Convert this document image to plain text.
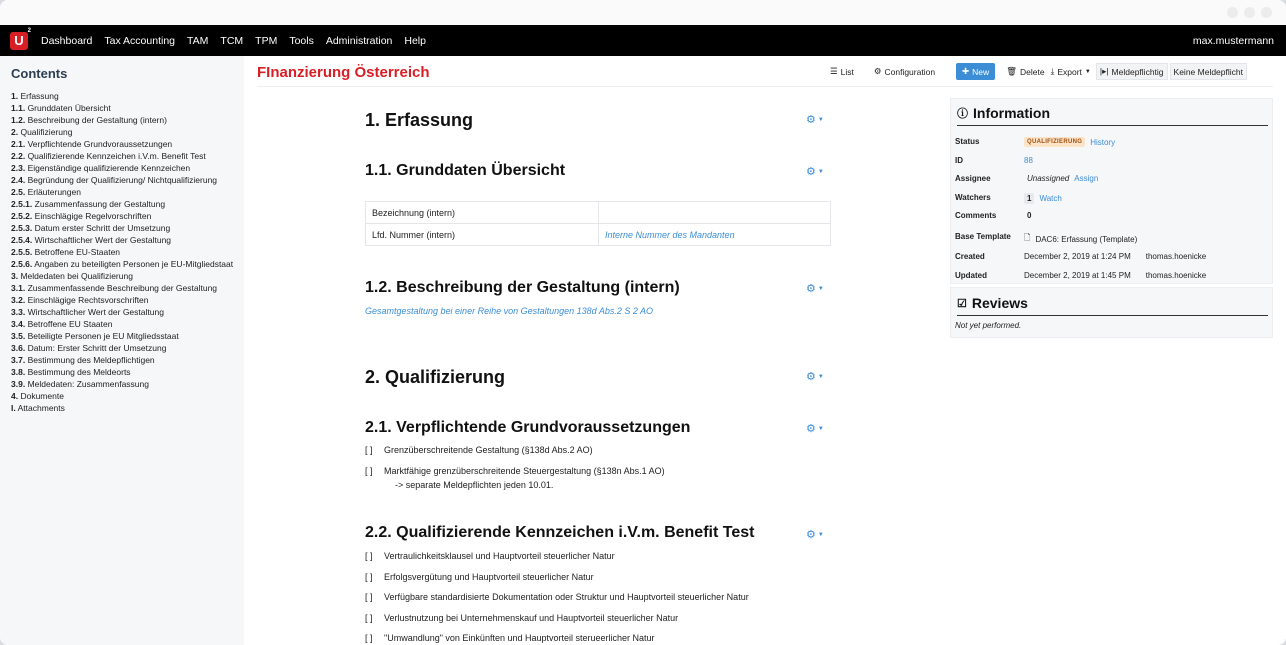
U
$^2$
Dashboard	Tax Accounting	TAM	TCM	TPM	Tools	Administration	Help	max.mustermann
Contents
1. Erfassung
1.1. Grunddaten Übersicht
1.2. Beschreibung der Gestaltung (intern)
2. Qualifizierung
2.1. Verpflichtende Grundvoraussetzungen
2.2. Qualifizierende Kennzeichen i.V.m. Benefit Test
2.3. Eigenständige qualifizierende Kennzeichen
2.4. Begründung der Qualifizierung/ Nichtqualifizierung
2.5. Erläuterungen
2.5.1. Zusammenfassung der Gestaltung
2.5.2. Einschlägige Regelvorschriften
2.5.3. Datum erster Schritt der Umsetzung
2.5.4. Wirtschaftlicher Wert der Gestaltung
2.5.5. Betroffene EU-Staaten
2.5.6. Angaben zu beteiligten Personen je EU-Mitgliedstaat
3. Meldedaten bei Qualifizierung
3.1. Zusammenfassende Beschreibung der Gestaltung
3.2. Einschlägige Rechtsvorschriften
3.3. Wirtschaftlicher Wert der Gestaltung
3.4. Betroffene EU Staaten
3.5. Beteiligte Personen je EU Mitgliedsstaat
3.6. Datum: Erster Schritt der Umsetzung
3.7. Bestimmung des Meldepflichtigen
3.8. Bestimmung des Meldeorts
3.9. Meldedaten: Zusammenfassung
4. Dokumente
I. Attachments
FInanzierung Österreich	☰ List ⚙ Configuration	✚ New 🗑 Delete ⤓ Export ▼ |▸| Meldepflichtig Keine Meldepflicht
1. Erfassung	⚙ ▼
1.1. Grunddaten Übersicht	⚙ ▼
Bezeichnung (intern)	
Lfd. Nummer (intern)	Interne Nummer des Mandanten
1.2. Beschreibung der Gestaltung (intern)	⚙ ▼
Gesamtgestaltung bei einer Reihe von Gestaltungen 138d Abs.2 S 2 AO
2. Qualifizierung	⚙ ▼
2.1. Verpflichtende Grundvoraussetzungen	⚙ ▼
[ ] Grenzüberschreitende Gestaltung (§138d Abs.2 AO)
[ ] Marktfähige grenzüberschreitende Steuergestaltung (§138n Abs.1 AO)
-> separate Meldepflichten jeden 10.01.
2.2. Qualifizierende Kennzeichen i.V.m. Benefit Test	⚙ ▼
[ ] Vertraulichkeitsklausel und Hauptvorteil steuerlicher Natur
[ ] Erfolgsvergütung und Hauptvorteil steuerlicher Natur
[ ] Verfügbare standardisierte Dokumentation oder Struktur und Hauptvorteil steuerlicher Natur
[ ] Verlustnutzung bei Unternehmenskauf und Hauptvorteil steuerlicher Natur
[ ] "Umwandlung" von Einkünften und Hauptvorteil sterueerlicher Natur
ⓘ Information
Status	QUALIFIZIERUNG	History
ID	88
Assignee	Unassigned Assign
Watchers	1	Watch
Comments	0
Base Template	🗋 DAC6: Erfassung (Template)
Created	December 2, 2019 at 1:24 PM thomas.hoenicke
Updated	December 2, 2019 at 1:45 PM thomas.hoenicke
☑ Reviews
Not yet performed.
